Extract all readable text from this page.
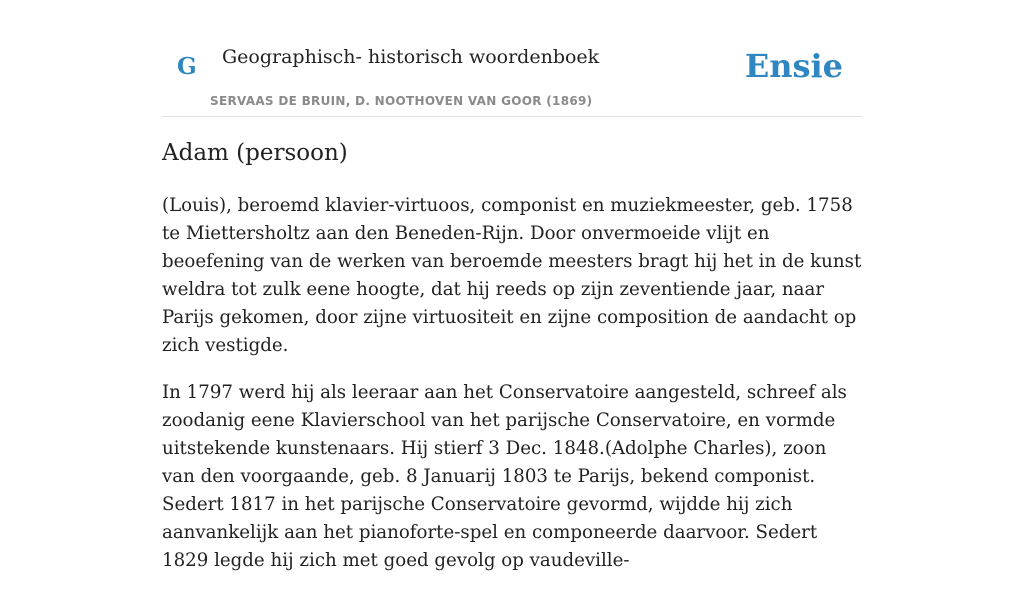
G Geographisch- historisch woordenboek
SERVAAS DE BRUIN, D. NOOTHOVEN VAN GOOR (1869)
Ensie
Adam (persoon)

(Louis), beroemd klavier-virtuoos, componist en muziekmeester, geb. 1758 te Miettersholtz aan den Beneden-Rijn. Door onvermoeide vlijt en beoefening van de werken van beroemde meesters bragt hij het in de kunst weldra tot zulk eene hoogte, dat hij reeds op zijn zeventiende jaar, naar Parijs gekomen, door zijne virtuositeit en zijne composition de aandacht op zich vestigde.

In 1797 werd hij als leeraar aan het Conservatoire aangesteld, schreef als zoodanig eene Klavierschool van het parijsche Conservatoire, en vormde uitstekende kunstenaars. Hij stierf 3 Dec. 1848.(Adolphe Charles), zoon van den voorgaande, geb. 8 Januarij 1803 te Parijs, bekend componist. Sedert 1817 in het parijsche Conservatoire gevormd, wijdde hij zich aanvankelijk aan het pianoforte-spel en componeerde daarvoor. Sedert 1829 legde hij zich met goed gevolg op vaudeville-
